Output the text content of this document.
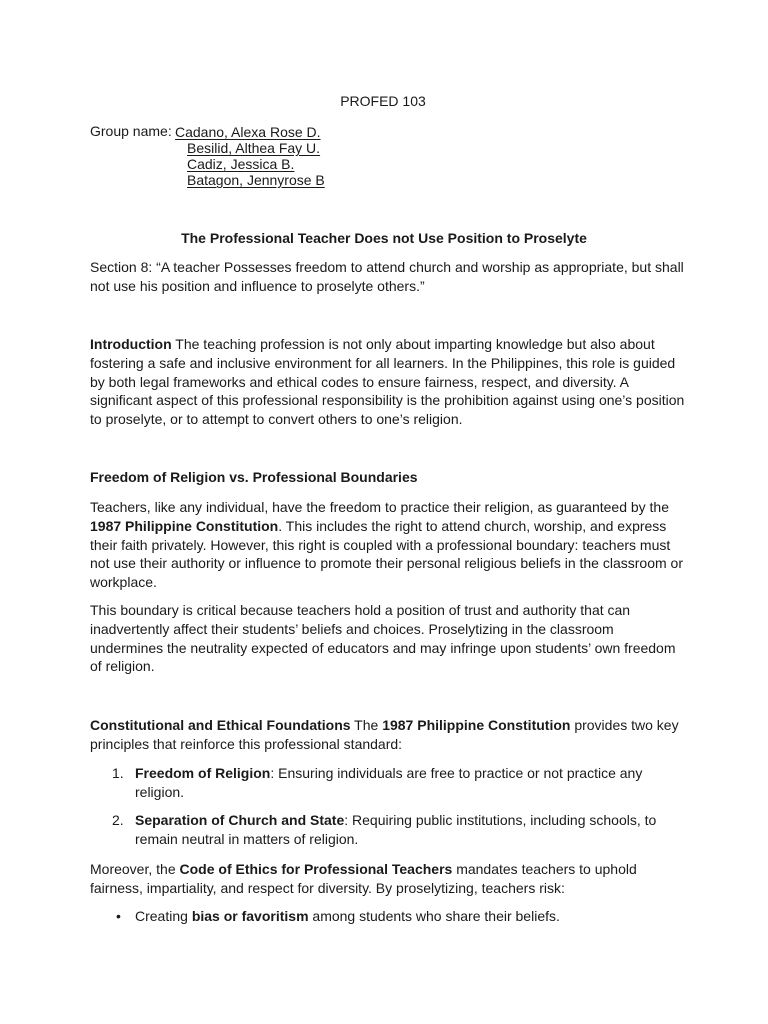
PROFED 103
Group name: Cadano, Alexa Rose D.
Besilid, Althea Fay U.
Cadiz, Jessica B.
Batagon, Jennyrose B
The Professional Teacher Does not Use Position to Proselyte
Section 8: “A teacher Possesses freedom to attend church and worship as appropriate, but shall not use his position and influence to proselyte others.”
Introduction The teaching profession is not only about imparting knowledge but also about fostering a safe and inclusive environment for all learners. In the Philippines, this role is guided by both legal frameworks and ethical codes to ensure fairness, respect, and diversity. A significant aspect of this professional responsibility is the prohibition against using one’s position to proselyte, or to attempt to convert others to one’s religion.
Freedom of Religion vs. Professional Boundaries
Teachers, like any individual, have the freedom to practice their religion, as guaranteed by the 1987 Philippine Constitution. This includes the right to attend church, worship, and express their faith privately. However, this right is coupled with a professional boundary: teachers must not use their authority or influence to promote their personal religious beliefs in the classroom or workplace.
This boundary is critical because teachers hold a position of trust and authority that can inadvertently affect their students’ beliefs and choices. Proselytizing in the classroom undermines the neutrality expected of educators and may infringe upon students’ own freedom of religion.
Constitutional and Ethical Foundations The 1987 Philippine Constitution provides two key principles that reinforce this professional standard:
1. Freedom of Religion: Ensuring individuals are free to practice or not practice any religion.
2. Separation of Church and State: Requiring public institutions, including schools, to remain neutral in matters of religion.
Moreover, the Code of Ethics for Professional Teachers mandates teachers to uphold fairness, impartiality, and respect for diversity. By proselytizing, teachers risk:
• Creating bias or favoritism among students who share their beliefs.
